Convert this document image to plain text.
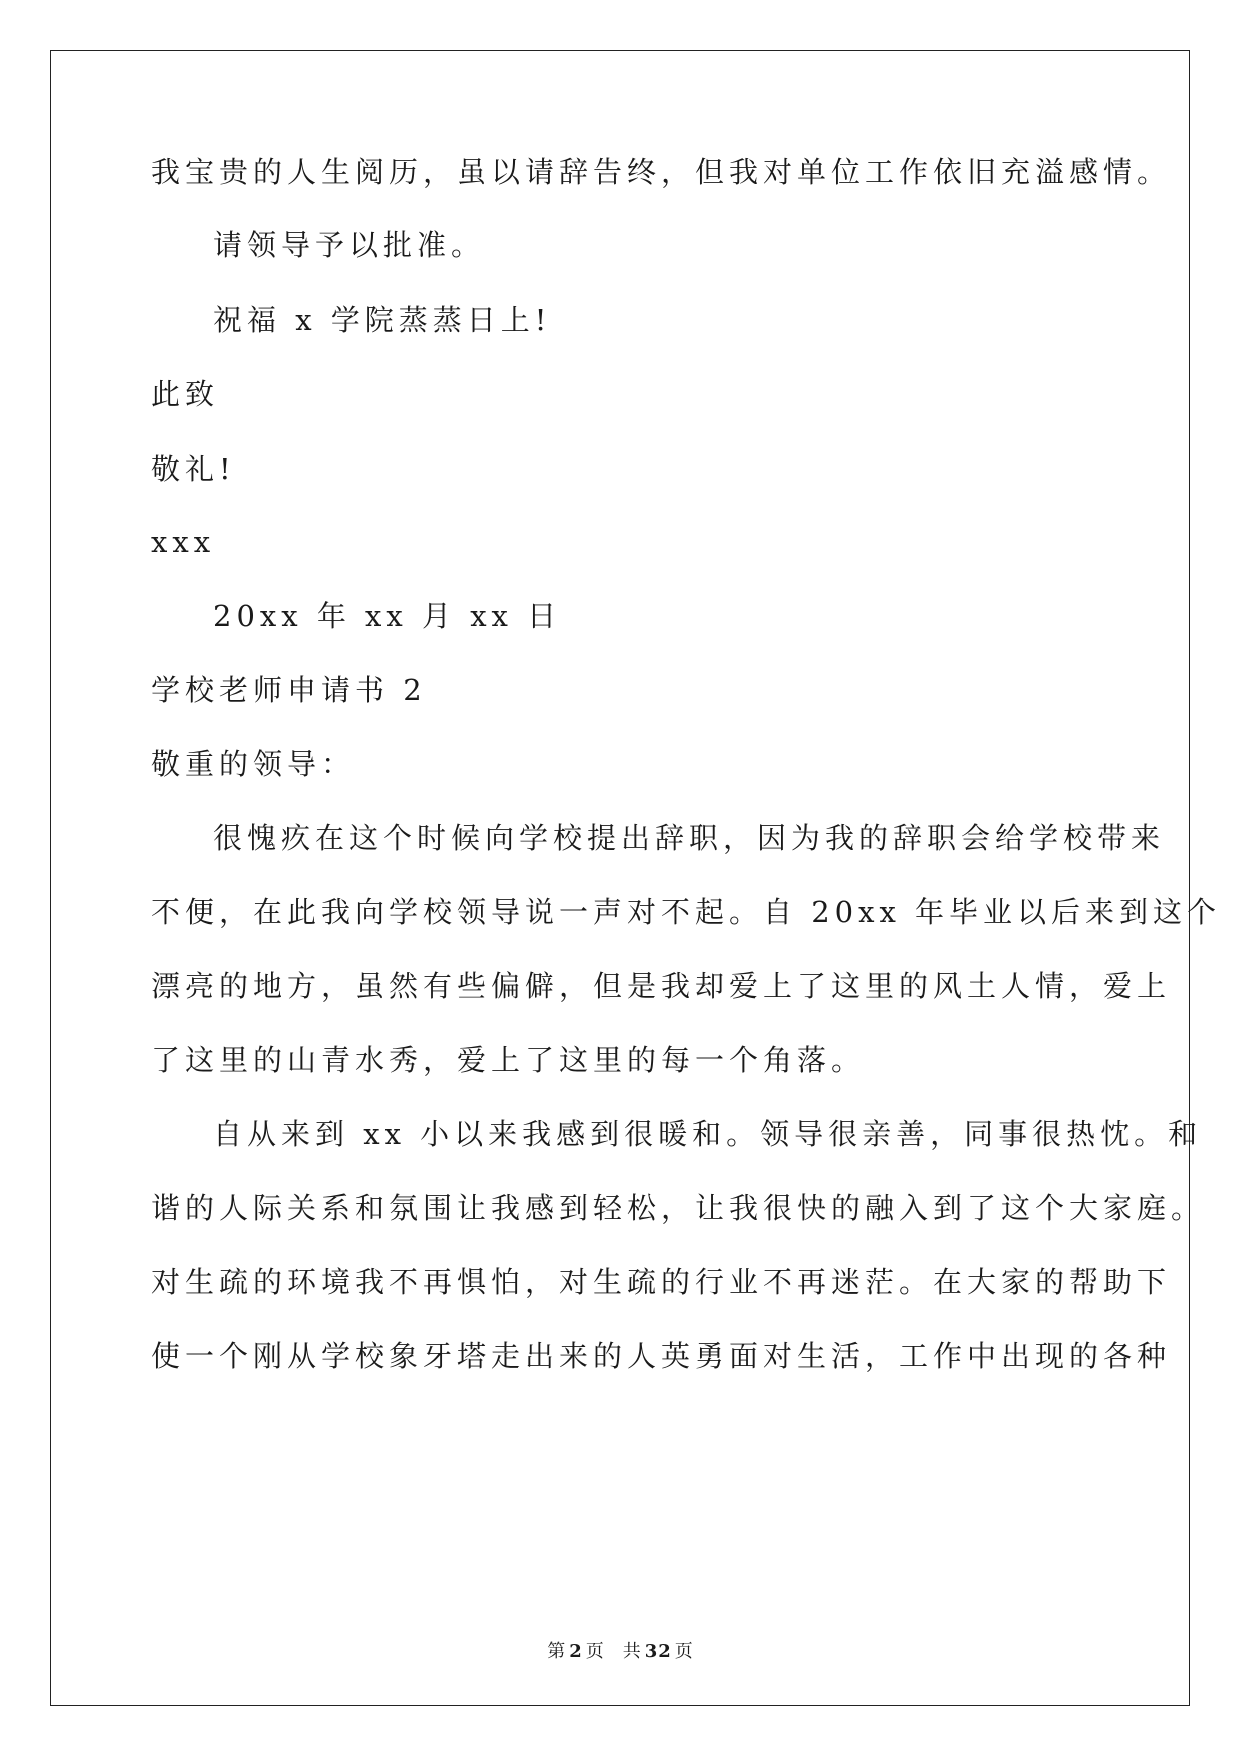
我宝贵的人生阅历，虽以请辞告终，但我对单位工作依旧充溢感情。
请领导予以批准。
祝福 x 学院蒸蒸日上!
此致
敬礼!
xxx
20xx 年 xx 月 xx 日
学校老师申请书 2
敬重的领导：
很愧疚在这个时候向学校提出辞职，因为我的辞职会给学校带来
不便，在此我向学校领导说一声对不起。自 20xx 年毕业以后来到这个
漂亮的地方，虽然有些偏僻，但是我却爱上了这里的风土人情，爱上
了这里的山青水秀，爱上了这里的每一个角落。
自从来到 xx 小以来我感到很暖和。领导很亲善，同事很热忱。和
谐的人际关系和氛围让我感到轻松，让我很快的融入到了这个大家庭。
对生疏的环境我不再惧怕，对生疏的行业不再迷茫。在大家的帮助下
使一个刚从学校象牙塔走出来的人英勇面对生活，工作中出现的各种
第 2 页 共 32 页
